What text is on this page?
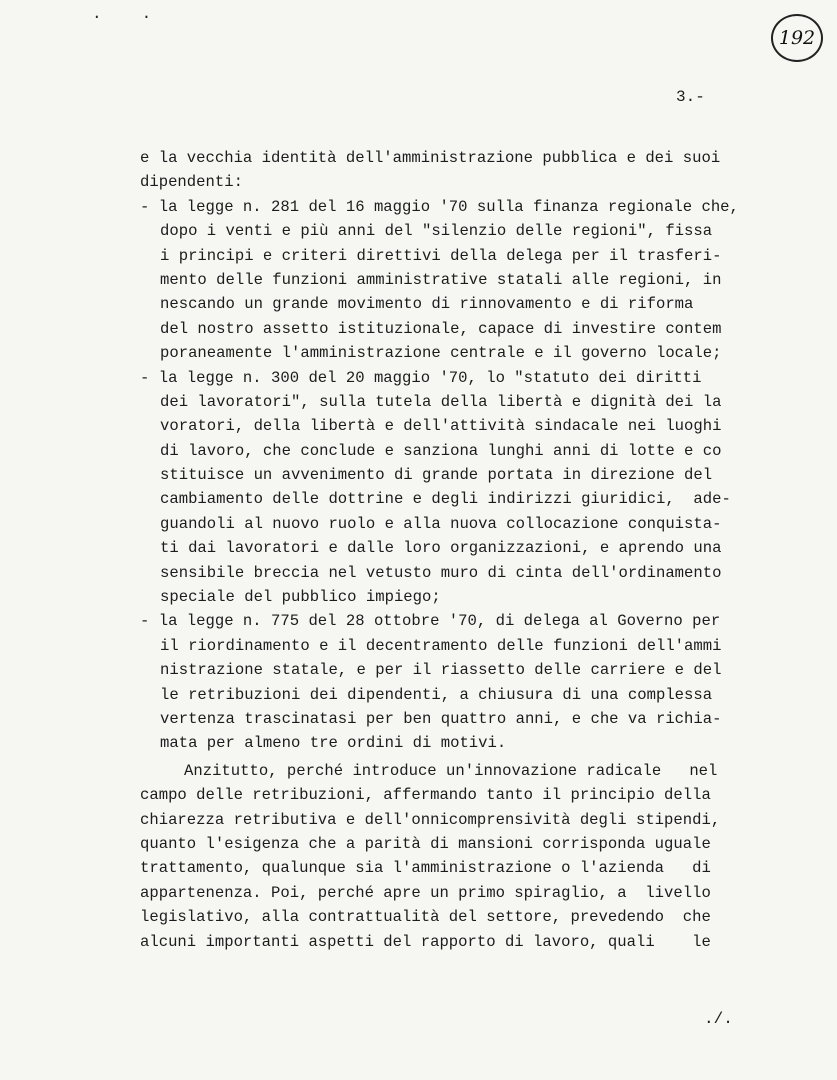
··
192
3.-
e la vecchia identità dell'amministrazione pubblica e dei suoi
dipendenti:
- la legge n. 281 del 16 maggio '70 sulla finanza regionale che,
dopo i venti e più anni del "silenzio delle regioni", fissa
i principi e criteri direttivi della delega per il trasferi-
mento delle funzioni amministrative statali alle regioni, in
nescando un grande movimento di rinnovamento e di riforma
del nostro assetto istituzionale, capace di investire contem
poraneamente l'amministrazione centrale e il governo locale;
- la legge n. 300 del 20 maggio '70, lo "statuto dei diritti
dei lavoratori", sulla tutela della libertà e dignità dei la
voratori, della libertà e dell'attività sindacale nei luoghi
di lavoro, che conclude e sanziona lunghi anni di lotte e co
stituisce un avvenimento di grande portata in direzione del
cambiamento delle dottrine e degli indirizzi giuridici,  ade-
guandoli al nuovo ruolo e alla nuova collocazione conquista-
ti dai lavoratori e dalle loro organizzazioni, e aprendo una
sensibile breccia nel vetusto muro di cinta dell'ordinamento
speciale del pubblico impiego;
- la legge n. 775 del 28 ottobre '70, di delega al Governo per
il riordinamento e il decentramento delle funzioni dell'ammi
nistrazione statale, e per il riassetto delle carriere e del
le retribuzioni dei dipendenti, a chiusura di una complessa
vertenza trascinatasi per ben quattro anni, e che va richia-
mata per almeno tre ordini di motivi.
Anzitutto, perché introduce un'innovazione radicale   nel
campo delle retribuzioni, affermando tanto il principio della
chiarezza retributiva e dell'onnicomprensività degli stipendi,
quanto l'esigenza che a parità di mansioni corrisponda uguale
trattamento, qualunque sia l'amministrazione o l'azienda   di
appartenenza. Poi, perché apre un primo spiraglio, a  livello
legislativo, alla contrattualità del settore, prevedendo  che
alcuni importanti aspetti del rapporto di lavoro, quali    le
./.
